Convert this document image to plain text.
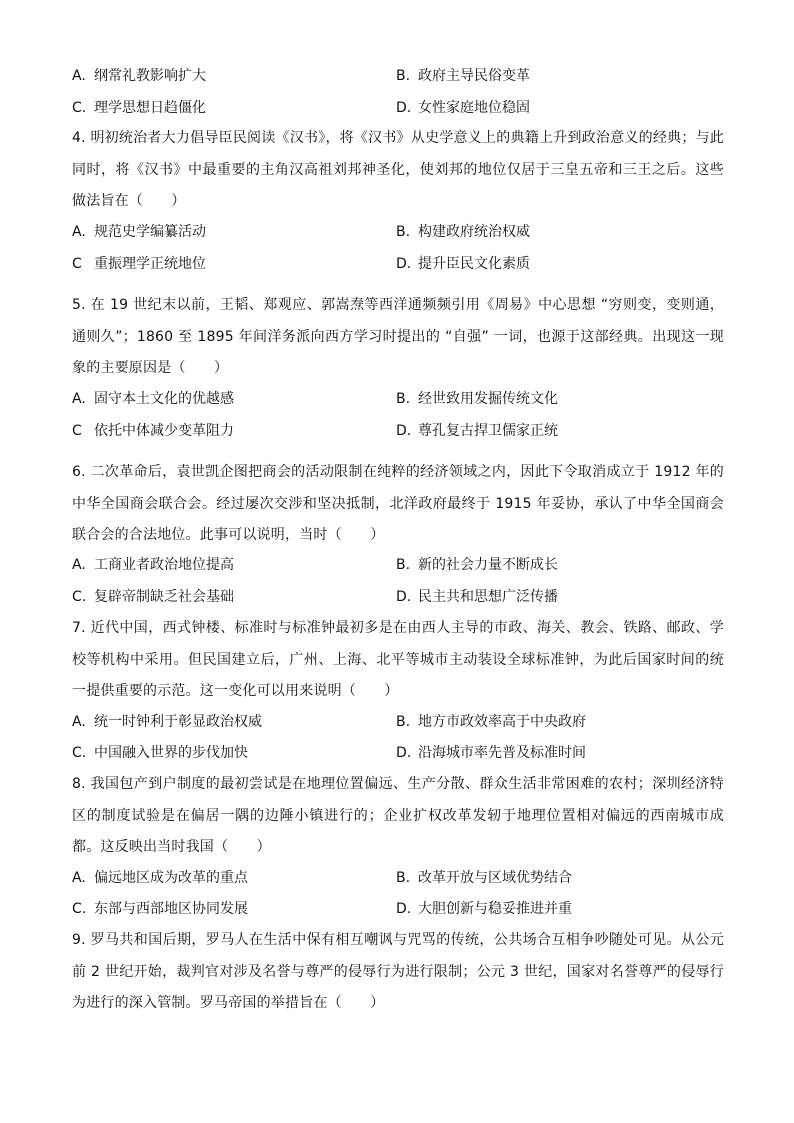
A. 纲常礼教影响扩大	B. 政府主导民俗变革
C. 理学思想日趋僵化	D. 女性家庭地位稳固

4. 明初统治者大力倡导臣民阅读《汉书》，将《汉书》从史学意义上的典籍上升到政治意义的经典；与此同时，将《汉书》中最重要的主角汉高祖刘邦神圣化，使刘邦的地位仅居于三皇五帝和三王之后。这些做法旨在（　　）

A. 规范史学编纂活动	B. 构建政府统治权威
C 重振理学正统地位	D. 提升臣民文化素质

5. 在 19 世纪末以前，王韬、郑观应、郭嵩焘等西洋通频频引用《周易》中心思想 “穷则变，变则通，通则久”；1860 至 1895 年间洋务派向西方学习时提出的 “自强” 一词，也源于这部经典。出现这一现象的主要原因是（　　）

A. 固守本土文化的优越感	B. 经世致用发掘传统文化
C 依托中体减少变革阻力	D. 尊孔复古捍卫儒家正统

6. 二次革命后，袁世凯企图把商会的活动限制在纯粹的经济领域之内，因此下令取消成立于 1912 年的中华全国商会联合会。经过屡次交涉和坚决抵制，北洋政府最终于 1915 年妥协，承认了中华全国商会联合会的合法地位。此事可以说明，当时（　　）

A. 工商业者政治地位提高	B. 新的社会力量不断成长
C. 复辟帝制缺乏社会基础	D. 民主共和思想广泛传播

7. 近代中国，西式钟楼、标准时与标准钟最初多是在由西人主导的市政、海关、教会、铁路、邮政、学校等机构中采用。但民国建立后，广州、上海、北平等城市主动装设全球标准钟，为此后国家时间的统一提供重要的示范。这一变化可以用来说明（　　）

A. 统一时钟利于彰显政治权威	B. 地方市政效率高于中央政府
C. 中国融入世界的步伐加快	D. 沿海城市率先普及标准时间

8. 我国包产到户制度的最初尝试是在地理位置偏远、生产分散、群众生活非常困难的农村；深圳经济特区的制度试验是在偏居一隅的边陲小镇进行的；企业扩权改革发轫于地理位置相对偏远的西南城市成都。这反映出当时我国（　　）

A. 偏远地区成为改革的重点	B. 改革开放与区域优势结合
C. 东部与西部地区协同发展	D. 大胆创新与稳妥推进并重

9. 罗马共和国后期，罗马人在生活中保有相互嘲讽与咒骂的传统，公共场合互相争吵随处可见。从公元前 2 世纪开始，裁判官对涉及名誉与尊严的侵辱行为进行限制；公元 3 世纪，国家对名誉尊严的侵辱行为进行的深入管制。罗马帝国的举措旨在（　　）
